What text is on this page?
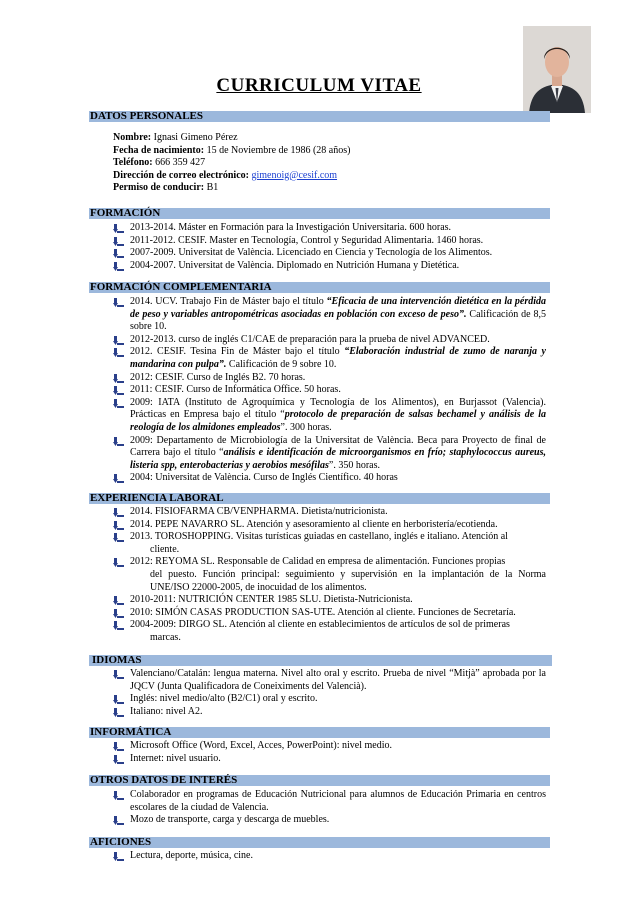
CURRICULUM VITAE
DATOS PERSONALES
Nombre: Ignasi Gimeno Pérez
Fecha de nacimiento: 15 de Noviembre de 1986 (28 años)
Teléfono: 666 359 427
Dirección de correo electrónico: gimenoig@cesif.com
Permiso de conducir: B1
FORMACIÓN
2013-2014. Máster en Formación para la Investigación Universitaria. 600 horas.
2011-2012. CESIF. Master en Tecnología, Control y Seguridad Alimentaria. 1460 horas.
2007-2009. Universitat de València. Licenciado en Ciencia y Tecnología de los Alimentos.
2004-2007. Universitat de València. Diplomado en Nutrición Humana y Dietética.
FORMACIÓN COMPLEMENTARIA
2014. UCV. Trabajo Fin de Máster bajo el título “Eficacia de una intervención dietética en la pérdida de peso y variables antropométricas asociadas en población con exceso de peso”. Calificación de 8,5 sobre 10.
2012-2013. curso de inglés C1/CAE de preparación para la prueba de nivel ADVANCED.
2012. CESIF. Tesina Fin de Máster bajo el título “Elaboración industrial de zumo de naranja y mandarina con pulpa”. Calificación de 9 sobre 10.
2012: CESIF. Curso de Inglés B2. 70 horas.
2011: CESIF. Curso de Informática Office. 50 horas.
2009: IATA (Instituto de Agroquímica y Tecnología de los Alimentos), en Burjassot (Valencia). Prácticas en Empresa bajo el título “protocolo de preparación de salsas bechamel y análisis de la reología de los almidones empleados”. 300 horas.
2009: Departamento de Microbiología de la Universitat de València. Beca para Proyecto de final de Carrera bajo el título “análisis e identificación de microorganismos en frío; staphylococcus aureus, listeria spp, enterobacterias y aerobios mesófilas”. 350 horas.
2004: Universitat de València. Curso de Inglés Científico. 40 horas
EXPERIENCIA LABORAL
2014. FISIOFARMA CB/VENPHARMA. Dietista/nutricionista.
2014. PEPE NAVARRO SL. Atención y asesoramiento al cliente en herboristería/ecotienda.
2013. TOROSHOPPING. Visitas turísticas guiadas en castellano, inglés e italiano. Atención al
cliente.
2012: REYOMA SL. Responsable de Calidad en empresa de alimentación. Funciones propias
del puesto. Función principal: seguimiento y supervisión en la implantación de la Norma UNE/ISO 22000-2005, de inocuidad de los alimentos.
2010-2011: NUTRICIÓN CENTER 1985 SLU. Dietista-Nutricionista.
2010: SIMÓN CASAS PRODUCTION SAS-UTE. Atención al cliente. Funciones de Secretaría.
2004-2009: DIRGO SL. Atención al cliente en establecimientos de artículos de sol de primeras
marcas.
IDIOMAS
Valenciano/Catalán: lengua materna. Nivel alto oral y escrito. Prueba de nivel “Mitjà” aprobada por la JQCV (Junta Qualificadora de Coneiximents del Valencià).
Inglés: nivel medio/alto (B2/C1) oral y escrito.
Italiano: nivel A2.
INFORMÁTICA
Microsoft Office (Word, Excel, Acces, PowerPoint): nivel medio.
Internet: nivel usuario.
OTROS DATOS DE INTERÉS
Colaborador en programas de Educación Nutricional para alumnos de Educación Primaria en centros escolares de la ciudad de Valencia.
Mozo de transporte, carga y descarga de muebles.
AFICIONES
Lectura, deporte, música, cine.
